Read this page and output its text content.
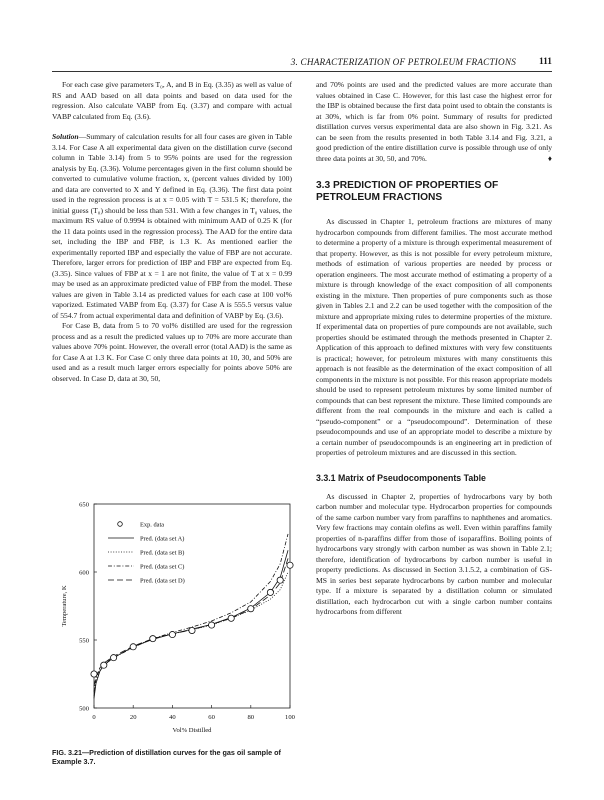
3. CHARACTERIZATION OF PETROLEUM FRACTIONS 111

For each case give parameters T₀, A, and B in Eq. (3.35) as well as value of RS and AAD based on all data points and based on data used for the regression. Also calculate VABP from Eq. (3.37) and compare with actual VABP calculated from Eq. (3.6).

Solution—Summary of calculation results for all four cases are given in Table 3.14. For Case A all experimental data given on the distillation curve (second column in Table 3.14) from 5 to 95% points are used for the regression analysis by Eq. (3.36). Volume percentages given in the first column should be converted to cumulative volume fraction, x, (percent values divided by 100) and data are converted to X and Y defined in Eq. (3.36). The first data point used in the regression process is at x = 0.05 with T = 531.5 K; therefore, the initial guess (T₀) should be less than 531. With a few changes in T₀ values, the maximum RS value of 0.9994 is obtained with minimum AAD of 0.25 K (for the 11 data points used in the regression process). The AAD for the entire data set, including the IBP and FBP, is 1.3 K. As mentioned earlier the experimentally reported IBP and especially the value of FBP are not accurate. Therefore, larger errors for prediction of IBP and FBP are expected from Eq. (3.35). Since values of FBP at x = 1 are not finite, the value of T at x = 0.99 may be used as an approximate predicted value of FBP from the model. These values are given in Table 3.14 as predicted values for each case at 100 vol% vaporized. Estimated VABP from Eq. (3.37) for Case A is 555.5 versus value of 554.7 from actual experimental data and definition of VABP by Eq. (3.6).

For Case B, data from 5 to 70 vol% distilled are used for the regression process and as a result the predicted values up to 70% are more accurate than values above 70% point. However, the overall error (total AAD) is the same as for Case A at 1.3 K. For Case C only three data points at 10, 30, and 50% are used and as a result much larger errors especially for points above 50% are observed. In Case D, data at 30, 50,

0	20	40	60	80	100
500
550
600
650
Exp. data
Pred. (data set A)
Pred. (data set B)
Pred. (data set C)
Pred. (data set D)
Temperature, K
Vol% Distilled
FIG. 3.21—Prediction of distillation curves for the gas oil sample of Example 3.7.

and 70% points are used and the predicted values are more accurate than values obtained in Case C. However, for this last case the highest error for the IBP is obtained because the first data point used to obtain the constants is at 30%, which is far from 0% point. Summary of results for predicted distillation curves versus experimental data are also shown in Fig. 3.21. As can be seen from the results presented in both Table 3.14 and Fig. 3.21, a good prediction of the entire distillation curve is possible through use of only three data points at 30, 50, and 70%.	♦

3.3 PREDICTION OF PROPERTIES OF PETROLEUM FRACTIONS

As discussed in Chapter 1, petroleum fractions are mixtures of many hydrocarbon compounds from different families. The most accurate method to determine a property of a mixture is through experimental measurement of that property. However, as this is not possible for every petroleum mixture, methods of estimation of various properties are needed by process or operation engineers. The most accurate method of estimating a property of a mixture is through knowledge of the exact composition of all components existing in the mixture. Then properties of pure components such as those given in Tables 2.1 and 2.2 can be used together with the composition of the mixture and appropriate mixing rules to determine properties of the mixture. If experimental data on properties of pure compounds are not available, such properties should be estimated through the methods presented in Chapter 2. Application of this approach to defined mixtures with very few constituents is practical; however, for petroleum mixtures with many constituents this approach is not feasible as the determination of the exact composition of all components in the mixture is not possible. For this reason appropriate models should be used to represent petroleum mixtures by some limited number of compounds that can best represent the mixture. These limited compounds are different from the real compounds in the mixture and each is called a “pseudo-component” or a “pseudocompound”. Determination of these pseudocompounds and use of an appropriate model to describe a mixture by a certain number of pseudocompounds is an engineering art in prediction of properties of petroleum mixtures and are discussed in this section.

3.3.1 Matrix of Pseudocomponents Table

As discussed in Chapter 2, properties of hydrocarbons vary by both carbon number and molecular type. Hydrocarbon properties for compounds of the same carbon number vary from paraffins to naphthenes and aromatics. Very few fractions may contain olefins as well. Even within paraffins family properties of n-paraffins differ from those of isoparaffins. Boiling points of hydrocarbons vary strongly with carbon number as was shown in Table 2.1; therefore, identification of hydrocarbons by carbon number is useful in property predictions. As discussed in Section 3.1.5.2, a combination of GS-MS in series best separate hydrocarbons by carbon number and molecular type. If a mixture is separated by a distillation column or simulated distillation, each hydrocarbon cut with a single carbon number contains hydrocarbons from different
